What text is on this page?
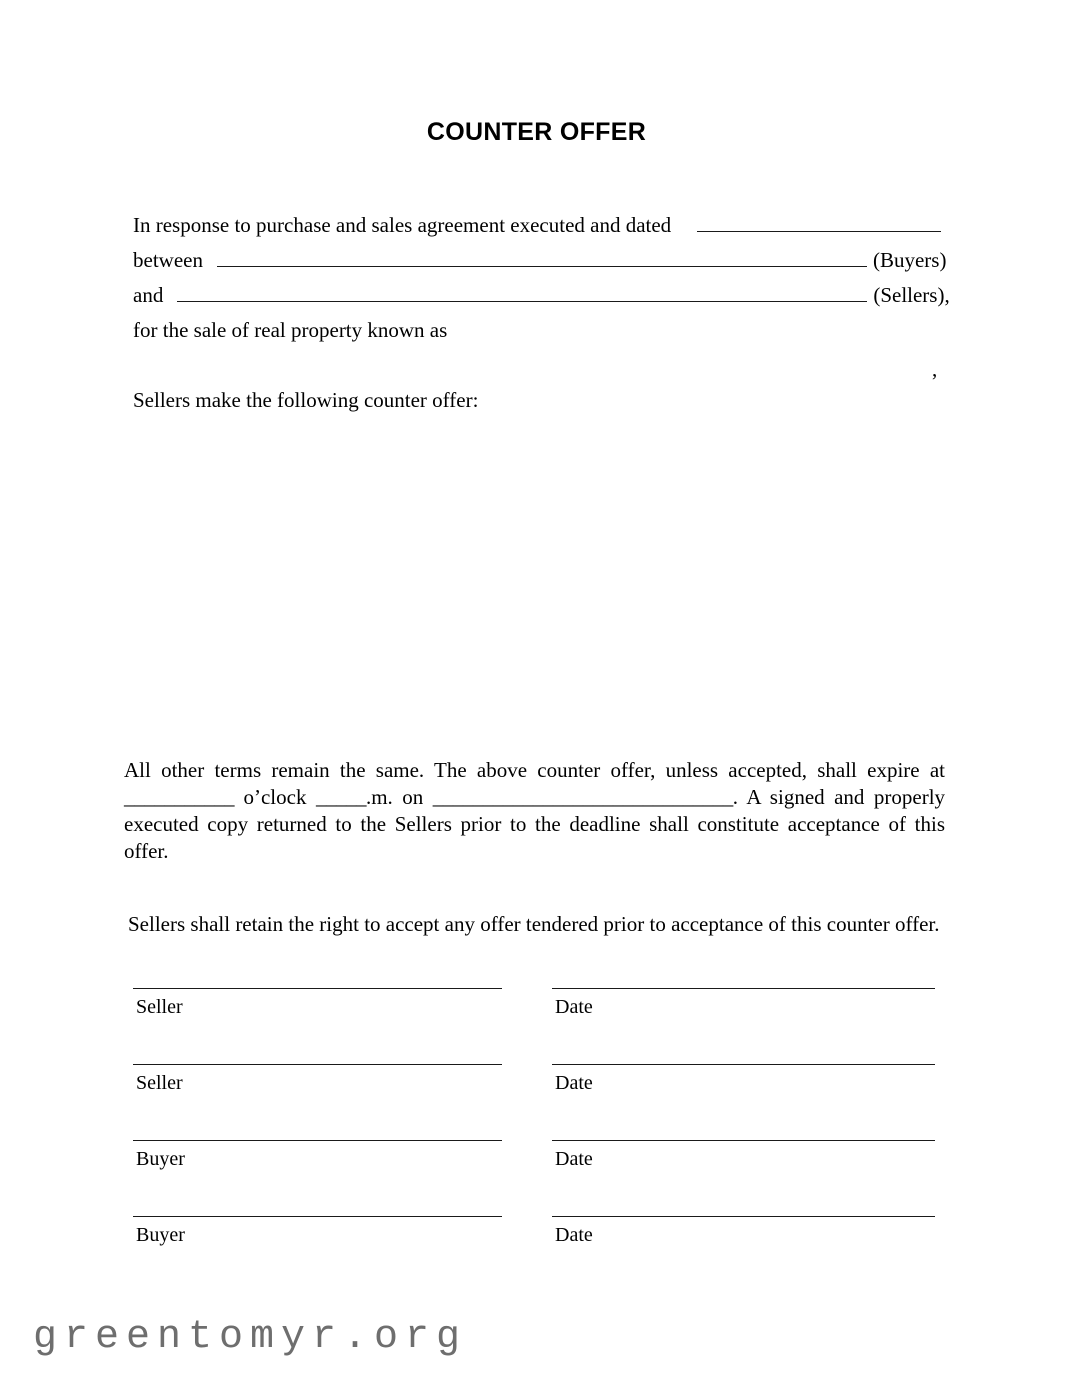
COUNTER OFFER
In response to purchase and sales agreement executed and dated
between	(Buyers)
and	(Sellers),
for the sale of real property known as
,
Sellers make the following counter offer:
All other terms remain the same. The above counter offer, unless accepted, shall expire at ___________ o’clock _____.m. on ______________________________. A signed and properly executed copy returned to the Sellers prior to the deadline shall constitute acceptance of this offer.
Sellers shall retain the right to accept any offer tendered prior to acceptance of this counter offer.
Seller	Date
Seller	Date
Buyer	Date
Buyer	Date
greentomyr.org
